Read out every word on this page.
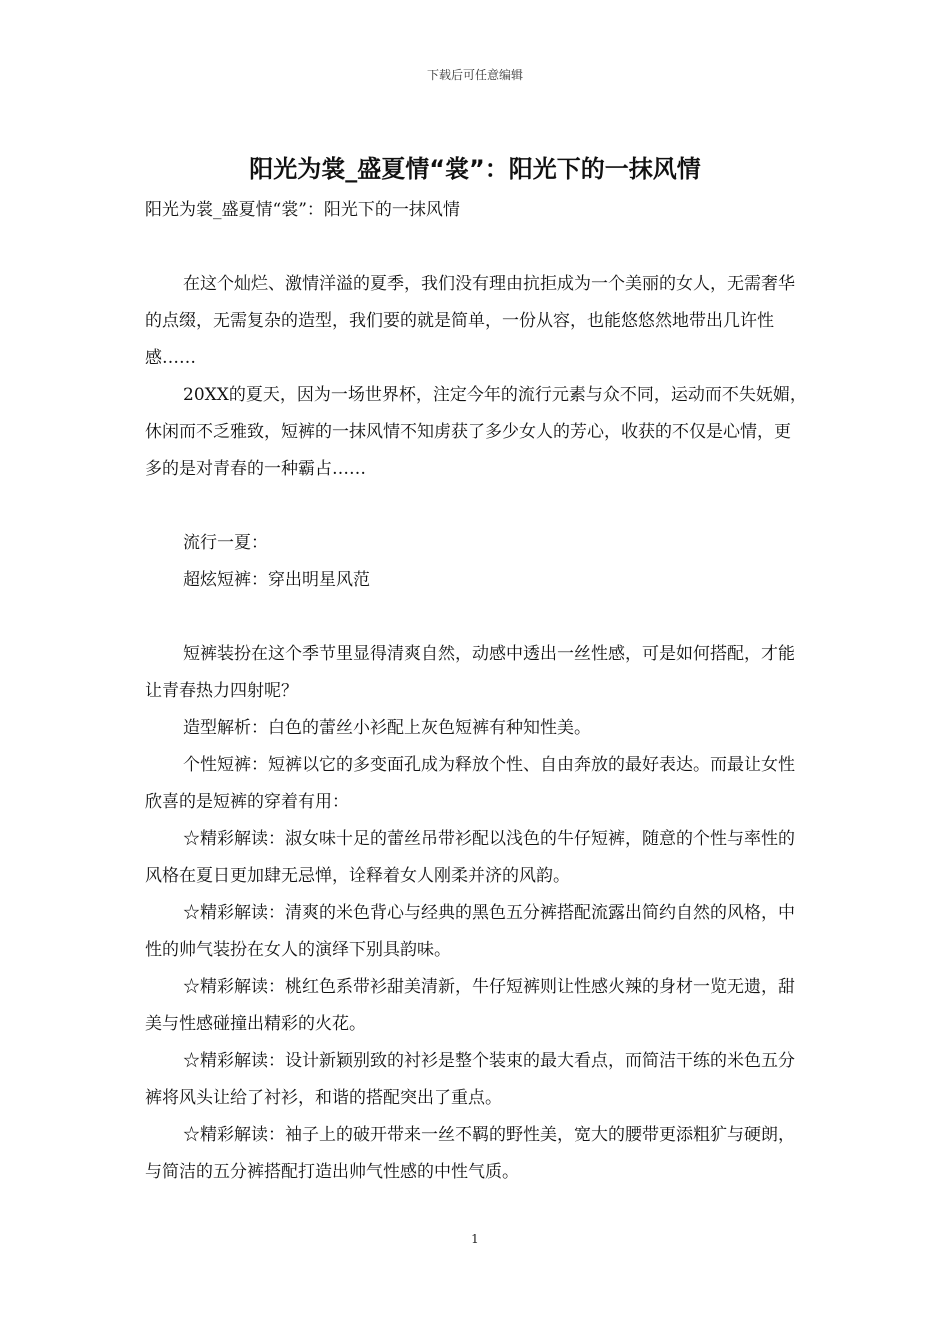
下载后可任意编辑
阳光为裳_盛夏情“裳”：阳光下的一抹风情

阳光为裳_盛夏情“裳”：阳光下的一抹风情

在这个灿烂、激情洋溢的夏季，我们没有理由抗拒成为一个美丽的女人，无需奢华的点缀，无需复杂的造型，我们要的就是简单，一份从容，也能悠悠然地带出几许性感……

20XX的夏天，因为一场世界杯，注定今年的流行元素与众不同，运动而不失妩媚，休闲而不乏雅致，短裤的一抹风情不知虏获了多少女人的芳心，收获的不仅是心情，更多的是对青春的一种霸占……

流行一夏：

超炫短裤：穿出明星风范

短裤装扮在这个季节里显得清爽自然，动感中透出一丝性感，可是如何搭配，才能让青春热力四射呢？

造型解析：白色的蕾丝小衫配上灰色短裤有种知性美。

个性短裤：短裤以它的多变面孔成为释放个性、自由奔放的最好表达。而最让女性欣喜的是短裤的穿着有用：

☆精彩解读：淑女味十足的蕾丝吊带衫配以浅色的牛仔短裤，随意的个性与率性的风格在夏日更加肆无忌惮，诠释着女人刚柔并济的风韵。

☆精彩解读：清爽的米色背心与经典的黑色五分裤搭配流露出简约自然的风格，中性的帅气装扮在女人的演绎下别具韵味。

☆精彩解读：桃红色系带衫甜美清新，牛仔短裤则让性感火辣的身材一览无遗，甜美与性感碰撞出精彩的火花。

☆精彩解读：设计新颖别致的衬衫是整个装束的最大看点，而简洁干练的米色五分裤将风头让给了衬衫，和谐的搭配突出了重点。

☆精彩解读：袖子上的破开带来一丝不羁的野性美，宽大的腰带更添粗犷与硬朗，与简洁的五分裤搭配打造出帅气性感的中性气质。

1
